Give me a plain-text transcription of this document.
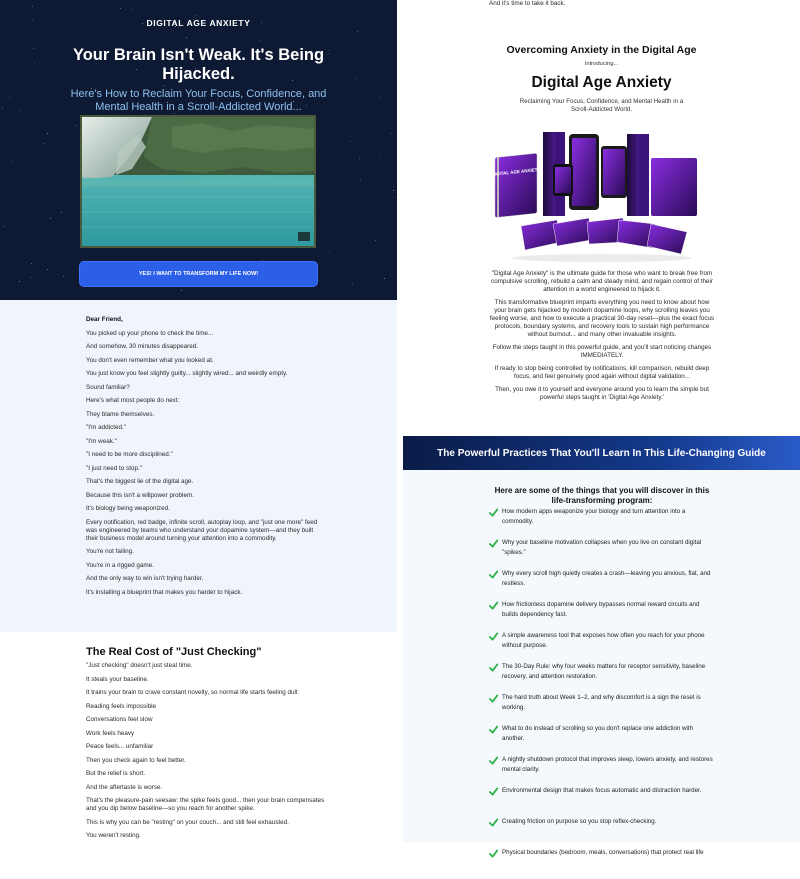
DIGITAL AGE ANXIETY
Your Brain Isn't Weak. It's Being Hijacked.

Here's How to Reclaim Your Focus, Confidence, and Mental Health in a Scroll-Addicted World...

YES! I WANT TO TRANSFORM MY LIFE NOW!

Dear Friend,

You picked up your phone to check the time...

And somehow, 30 minutes disappeared.

You don't even remember what you looked at.

You just know you feel slightly guilty... slightly wired... and weirdly empty.

Sound familiar?

Here's what most people do next:

They blame themselves.

"I'm addicted."

"I'm weak."

"I need to be more disciplined."

"I just need to stop."

That's the biggest lie of the digital age.

Because this isn't a willpower problem.

It's biology being weaponized.

Every notification, red badge, infinite scroll, autoplay loop, and "just one more" feed was engineered by teams who understand your dopamine system—and they built their business model around turning your attention into a commodity.

You're not failing.

You're in a rigged game.

And the only way to win isn't trying harder.

It's installing a blueprint that makes you harder to hijack.

The Real Cost of "Just Checking"

"Just checking" doesn't just steal time.

It steals your baseline.

It trains your brain to crave constant novelty, so normal life starts feeling dull:

Reading feels impossible

Conversations feel slow

Work feels heavy

Peace feels... unfamiliar

Then you check again to feel better.

But the relief is short.

And the aftertaste is worse.

That's the pleasure-pain seesaw: the spike feels good... then your brain compensates and you dip below baseline—so you reach for another spike.

This is why you can be "resting" on your couch... and still feel exhausted.

You weren't resting.

And it's time to take it back.
Overcoming Anxiety in the Digital Age
Introducing...
Digital Age Anxiety

Reclaiming Your Focus, Confidence, and Mental Health in a Scroll-Addicted World.

DIGITAL AGE ANXIETY

"Digital Age Anxiety" is the ultimate guide for those who want to break free from compulsive scrolling, rebuild a calm and steady mind, and regain control of their attention in a world engineered to hijack it.

This transformative blueprint imparts everything you need to know about how your brain gets hijacked by modern dopamine loops, why scrolling leaves you feeling worse, and how to execute a practical 30-day reset—plus the exact focus protocols, boundary systems, and recovery tools to sustain high performance without burnout... and many other invaluable insights.

Follow the steps taught in this powerful guide, and you'll start noticing changes IMMEDIATELY.

If ready to stop being controlled by notifications, kill comparison, rebuild deep focus, and feel genuinely good again without digital validation...

Then, you owe it to yourself and everyone around you to learn the simple but powerful steps taught in 'Digital Age Anxiety.'

The Powerful Practices That You'll Learn In This Life-Changing Guide
Here are some of the things that you will discover in this life-transforming program:
How modern apps weaponize your biology and turn attention into a commodity.
Why your baseline motivation collapses when you live on constant digital "spikes."
Why every scroll high quietly creates a crash—leaving you anxious, flat, and restless.
How frictionless dopamine delivery bypasses normal reward circuits and builds dependency fast.
A simple awareness tool that exposes how often you reach for your phone without purpose.
The 30-Day Rule: why four weeks matters for receptor sensitivity, baseline recovery, and attention restoration.
The hard truth about Week 1–2, and why discomfort is a sign the reset is working.
What to do instead of scrolling so you don't replace one addiction with another.
A nightly shutdown protocol that improves sleep, lowers anxiety, and restores mental clarity.
Environmental design that makes focus automatic and distraction harder.
Creating friction on purpose so you stop reflex-checking.
Physical boundaries (bedroom, meals, conversations) that protect real life
